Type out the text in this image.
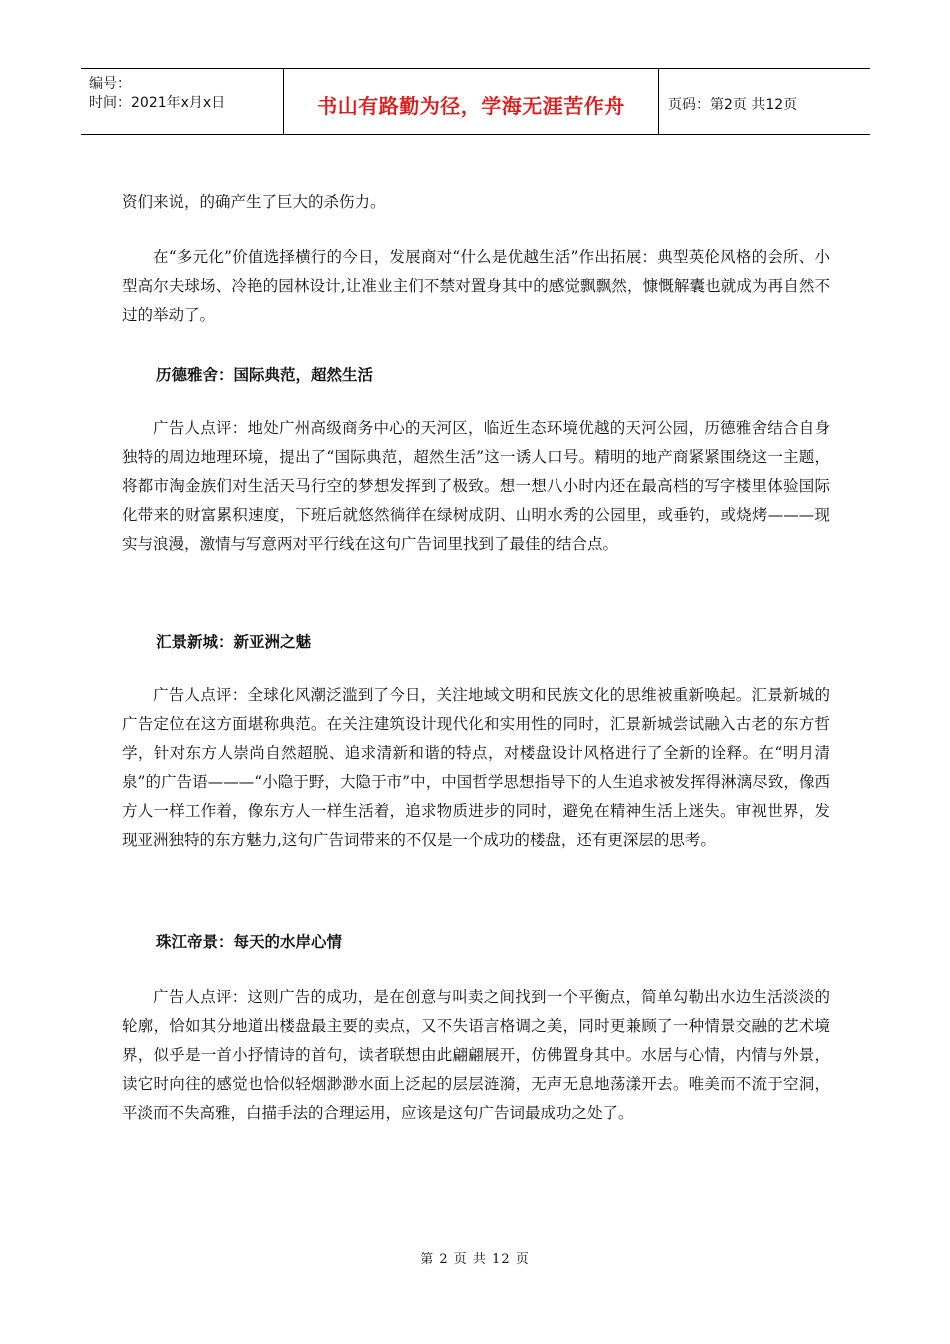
编号：
时间：2021年x月x日	书山有路勤为径，学海无涯苦作舟	页码：第2页 共12页

资们来说，的确产生了巨大的杀伤力。

在“多元化”价值选择横行的今日，发展商对“什么是优越生活”作出拓展：典型英伦风格的会所、小型高尔夫球场、冷艳的园林设计,让准业主们不禁对置身其中的感觉飘飘然，慷慨解囊也就成为再自然不过的举动了。

历德雅舍：国际典范，超然生活

广告人点评：地处广州高级商务中心的天河区，临近生态环境优越的天河公园，历德雅舍结合自身独特的周边地理环境，提出了“国际典范，超然生活”这一诱人口号。精明的地产商紧紧围绕这一主题，将都市淘金族们对生活天马行空的梦想发挥到了极致。想一想八小时内还在最高档的写字楼里体验国际化带来的财富累积速度，下班后就悠然徜徉在绿树成阴、山明水秀的公园里，或垂钓，或烧烤———现实与浪漫，激情与写意两对平行线在这句广告词里找到了最佳的结合点。

汇景新城：新亚洲之魅

广告人点评：全球化风潮泛滥到了今日，关注地域文明和民族文化的思维被重新唤起。汇景新城的广告定位在这方面堪称典范。在关注建筑设计现代化和实用性的同时，汇景新城尝试融入古老的东方哲学，针对东方人崇尚自然超脱、追求清新和谐的特点，对楼盘设计风格进行了全新的诠释。在“明月清泉”的广告语———“小隐于野，大隐于市”中，中国哲学思想指导下的人生追求被发挥得淋漓尽致，像西方人一样工作着，像东方人一样生活着，追求物质进步的同时，避免在精神生活上迷失。审视世界，发现亚洲独特的东方魅力,这句广告词带来的不仅是一个成功的楼盘，还有更深层的思考。

珠江帝景：每天的水岸心情

广告人点评：这则广告的成功，是在创意与叫卖之间找到一个平衡点，简单勾勒出水边生活淡淡的轮廓，恰如其分地道出楼盘最主要的卖点，又不失语言格调之美，同时更兼顾了一种情景交融的艺术境界，似乎是一首小抒情诗的首句，读者联想由此翩翩展开，仿佛置身其中。水居与心情，内情与外景，读它时向往的感觉也恰似轻烟渺渺水面上泛起的层层涟漪，无声无息地荡漾开去。唯美而不流于空洞，平淡而不失高雅，白描手法的合理运用，应该是这句广告词最成功之处了。

第 2 页 共 12 页
